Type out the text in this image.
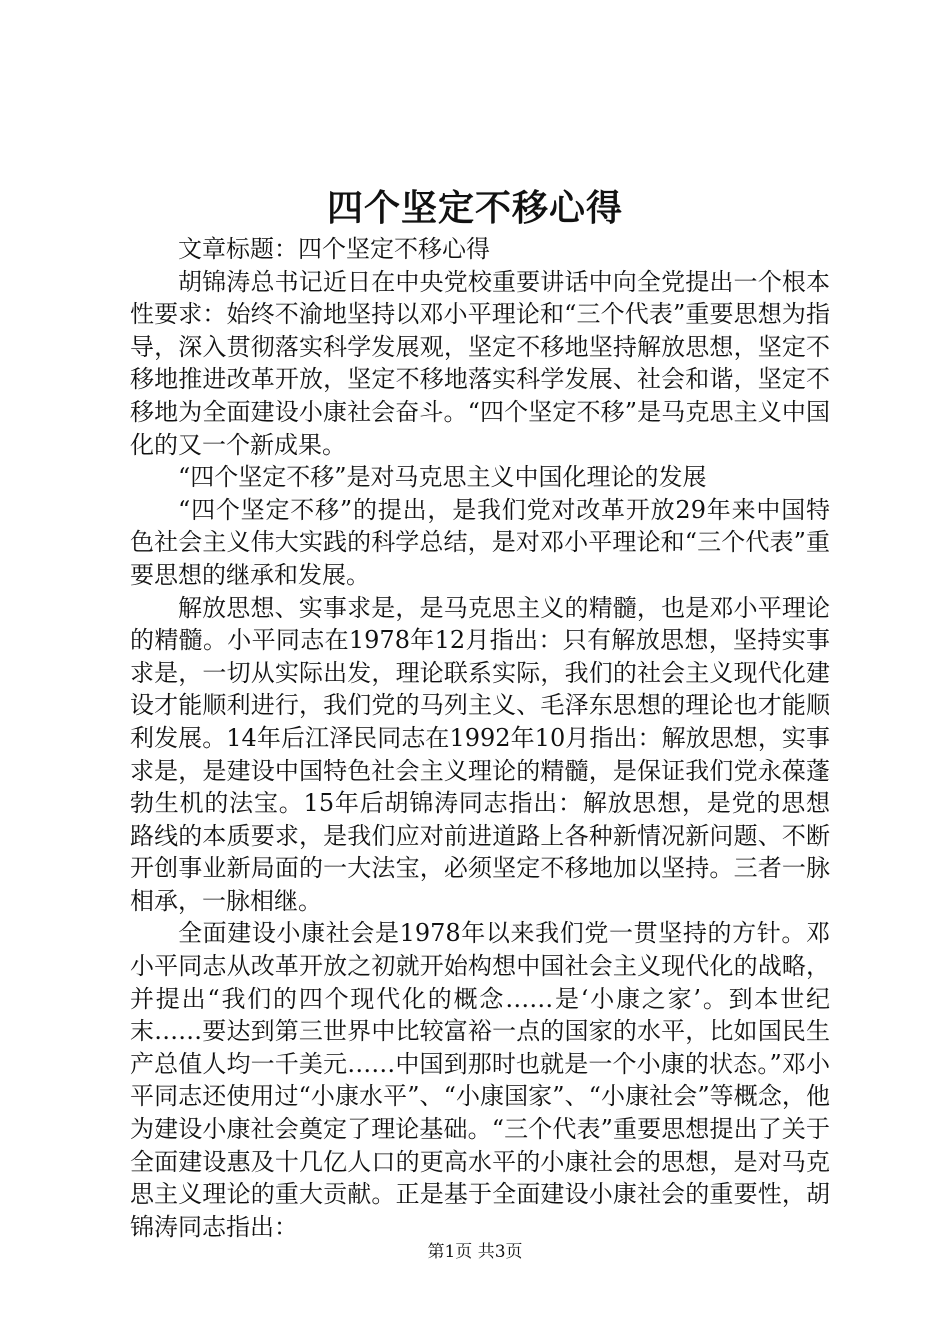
四个坚定不移心得

文章标题：四个坚定不移心得

胡锦涛总书记近日在中央党校重要讲话中向全党提出一个根本性要求：始终不渝地坚持以邓小平理论和“三个代表”重要思想为指导，深入贯彻落实科学发展观，坚定不移地坚持解放思想，坚定不移地推进改革开放，坚定不移地落实科学发展、社会和谐，坚定不移地为全面建设小康社会奋斗。“四个坚定不移”是马克思主义中国化的又一个新成果。

“四个坚定不移”是对马克思主义中国化理论的发展

“四个坚定不移”的提出，是我们党对改革开放29年来中国特色社会主义伟大实践的科学总结，是对邓小平理论和“三个代表”重要思想的继承和发展。

解放思想、实事求是，是马克思主义的精髓，也是邓小平理论的精髓。小平同志在1978年12月指出：只有解放思想，坚持实事求是，一切从实际出发，理论联系实际，我们的社会主义现代化建设才能顺利进行，我们党的马列主义、毛泽东思想的理论也才能顺利发展。14年后江泽民同志在1992年10月指出：解放思想，实事求是，是建设中国特色社会主义理论的精髓，是保证我们党永葆蓬勃生机的法宝。15年后胡锦涛同志指出：解放思想，是党的思想路线的本质要求，是我们应对前进道路上各种新情况新问题、不断开创事业新局面的一大法宝，必须坚定不移地加以坚持。三者一脉相承，一脉相继。

全面建设小康社会是1978年以来我们党一贯坚持的方针。邓小平同志从改革开放之初就开始构想中国社会主义现代化的战略，并提出“我们的四个现代化的概念……是‘小康之家’。到本世纪末……要达到第三世界中比较富裕一点的国家的水平，比如国民生产总值人均一千美元……中国到那时也就是一个小康的状态。”邓小平同志还使用过“小康水平”、“小康国家”、“小康社会”等概念，他为建设小康社会奠定了理论基础。“三个代表”重要思想提出了关于全面建设惠及十几亿人口的更高水平的小康社会的思想，是对马克思主义理论的重大贡献。正是基于全面建设小康社会的重要性，胡锦涛同志指出：

第1页 共3页
